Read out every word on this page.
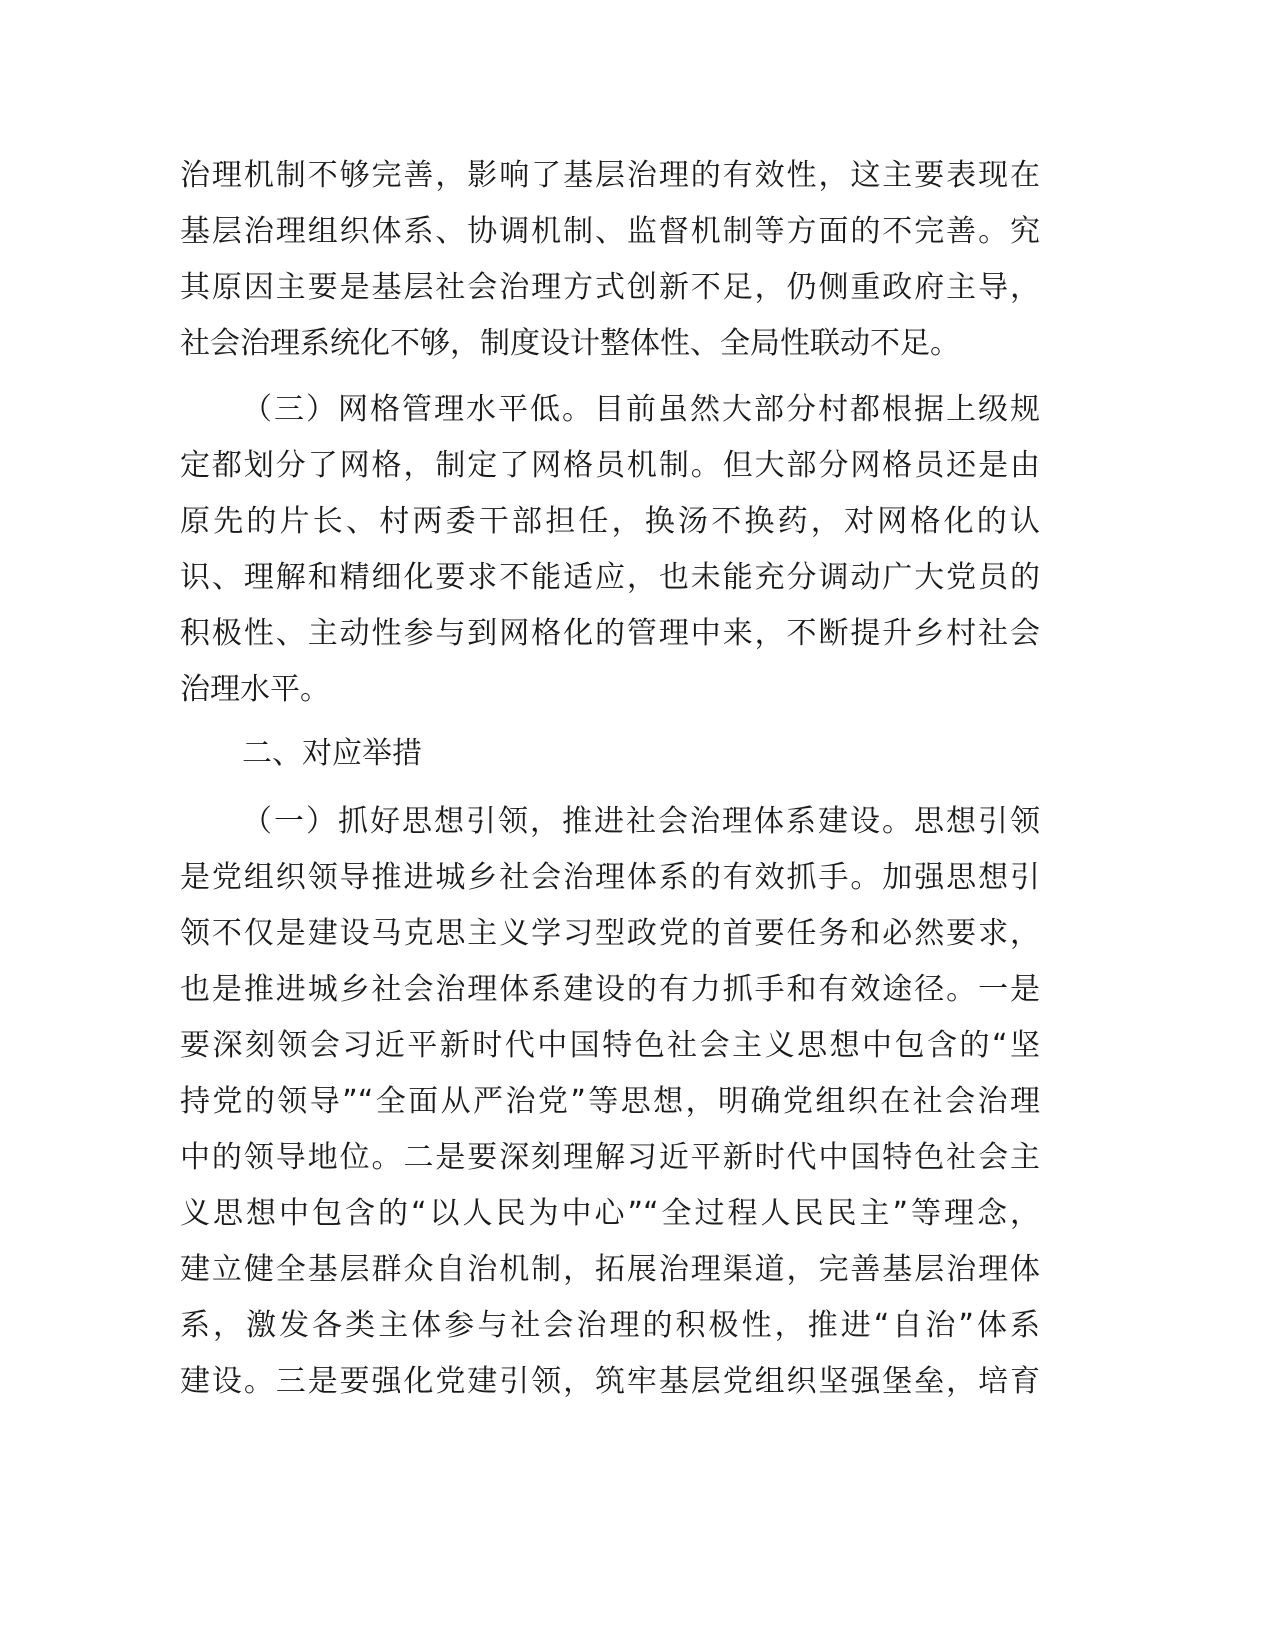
治理机制不够完善，影响了基层治理的有效性，这主要表现在
基层治理组织体系、协调机制、监督机制等方面的不完善。究
其原因主要是基层社会治理方式创新不足，仍侧重政府主导，
社会治理系统化不够，制度设计整体性、全局性联动不足。
（三）网格管理水平低。目前虽然大部分村都根据上级规
定都划分了网格，制定了网格员机制。但大部分网格员还是由
原先的片长、村两委干部担任，换汤不换药，对网格化的认
识、理解和精细化要求不能适应，也未能充分调动广大党员的
积极性、主动性参与到网格化的管理中来，不断提升乡村社会
治理水平。
二、对应举措
（一）抓好思想引领，推进社会治理体系建设。思想引领
是党组织领导推进城乡社会治理体系的有效抓手。加强思想引
领不仅是建设马克思主义学习型政党的首要任务和必然要求，
也是推进城乡社会治理体系建设的有力抓手和有效途径。一是
要深刻领会习近平新时代中国特色社会主义思想中包含的“坚
持党的领导”“全面从严治党”等思想，明确党组织在社会治理
中的领导地位。二是要深刻理解习近平新时代中国特色社会主
义思想中包含的“以人民为中心”“全过程人民民主”等理念，
建立健全基层群众自治机制，拓展治理渠道，完善基层治理体
系，激发各类主体参与社会治理的积极性，推进“自治”体系
建设。三是要强化党建引领，筑牢基层党组织坚强堡垒，培育
